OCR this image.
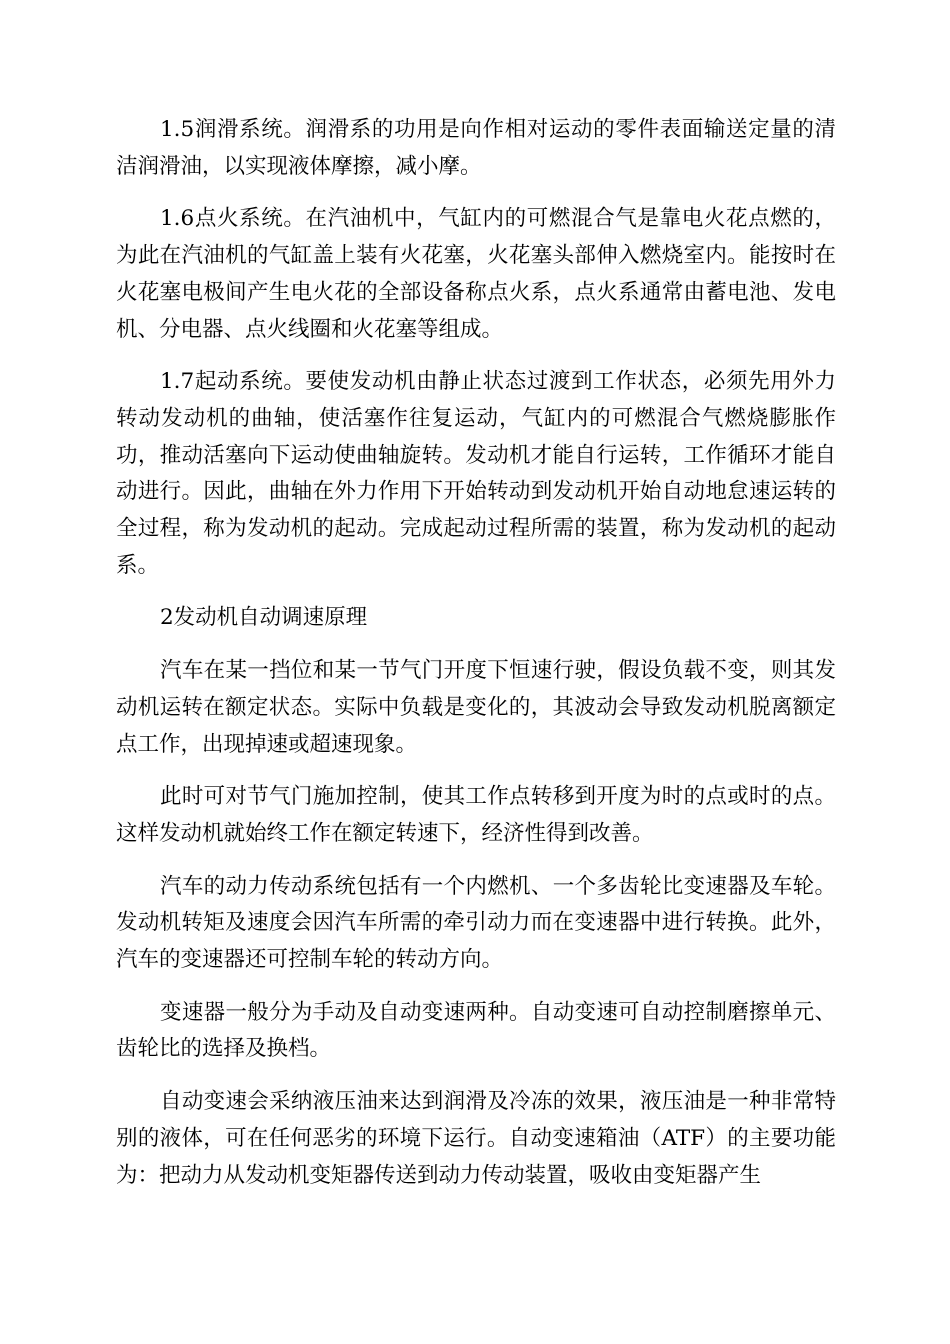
1.5润滑系统。润滑系的功用是向作相对运动的零件表面输送定量的清洁润滑油，以实现液体摩擦，减小摩。

1.6点火系统。在汽油机中，气缸内的可燃混合气是靠电火花点燃的，为此在汽油机的气缸盖上装有火花塞，火花塞头部伸入燃烧室内。能按时在火花塞电极间产生电火花的全部设备称点火系，点火系通常由蓄电池、发电机、分电器、点火线圈和火花塞等组成。

1.7起动系统。要使发动机由静止状态过渡到工作状态，必须先用外力转动发动机的曲轴，使活塞作往复运动，气缸内的可燃混合气燃烧膨胀作功，推动活塞向下运动使曲轴旋转。发动机才能自行运转，工作循环才能自动进行。因此，曲轴在外力作用下开始转动到发动机开始自动地怠速运转的全过程，称为发动机的起动。完成起动过程所需的装置，称为发动机的起动系。

2发动机自动调速原理

汽车在某一挡位和某一节气门开度下恒速行驶，假设负载不变，则其发动机运转在额定状态。实际中负载是变化的，其波动会导致发动机脱离额定点工作，出现掉速或超速现象。

此时可对节气门施加控制，使其工作点转移到开度为时的点或时的点。这样发动机就始终工作在额定转速下，经济性得到改善。

汽车的动力传动系统包括有一个内燃机、一个多齿轮比变速器及车轮。发动机转矩及速度会因汽车所需的牵引动力而在变速器中进行转换。此外，汽车的变速器还可控制车轮的转动方向。

变速器一般分为手动及自动变速两种。自动变速可自动控制磨擦单元、齿轮比的选择及换档。

自动变速会采纳液压油来达到润滑及冷冻的效果，液压油是一种非常特别的液体，可在任何恶劣的环境下运行。自动变速箱油（ATF）的主要功能为：把动力从发动机变矩器传送到动力传动装置，吸收由变矩器产生
